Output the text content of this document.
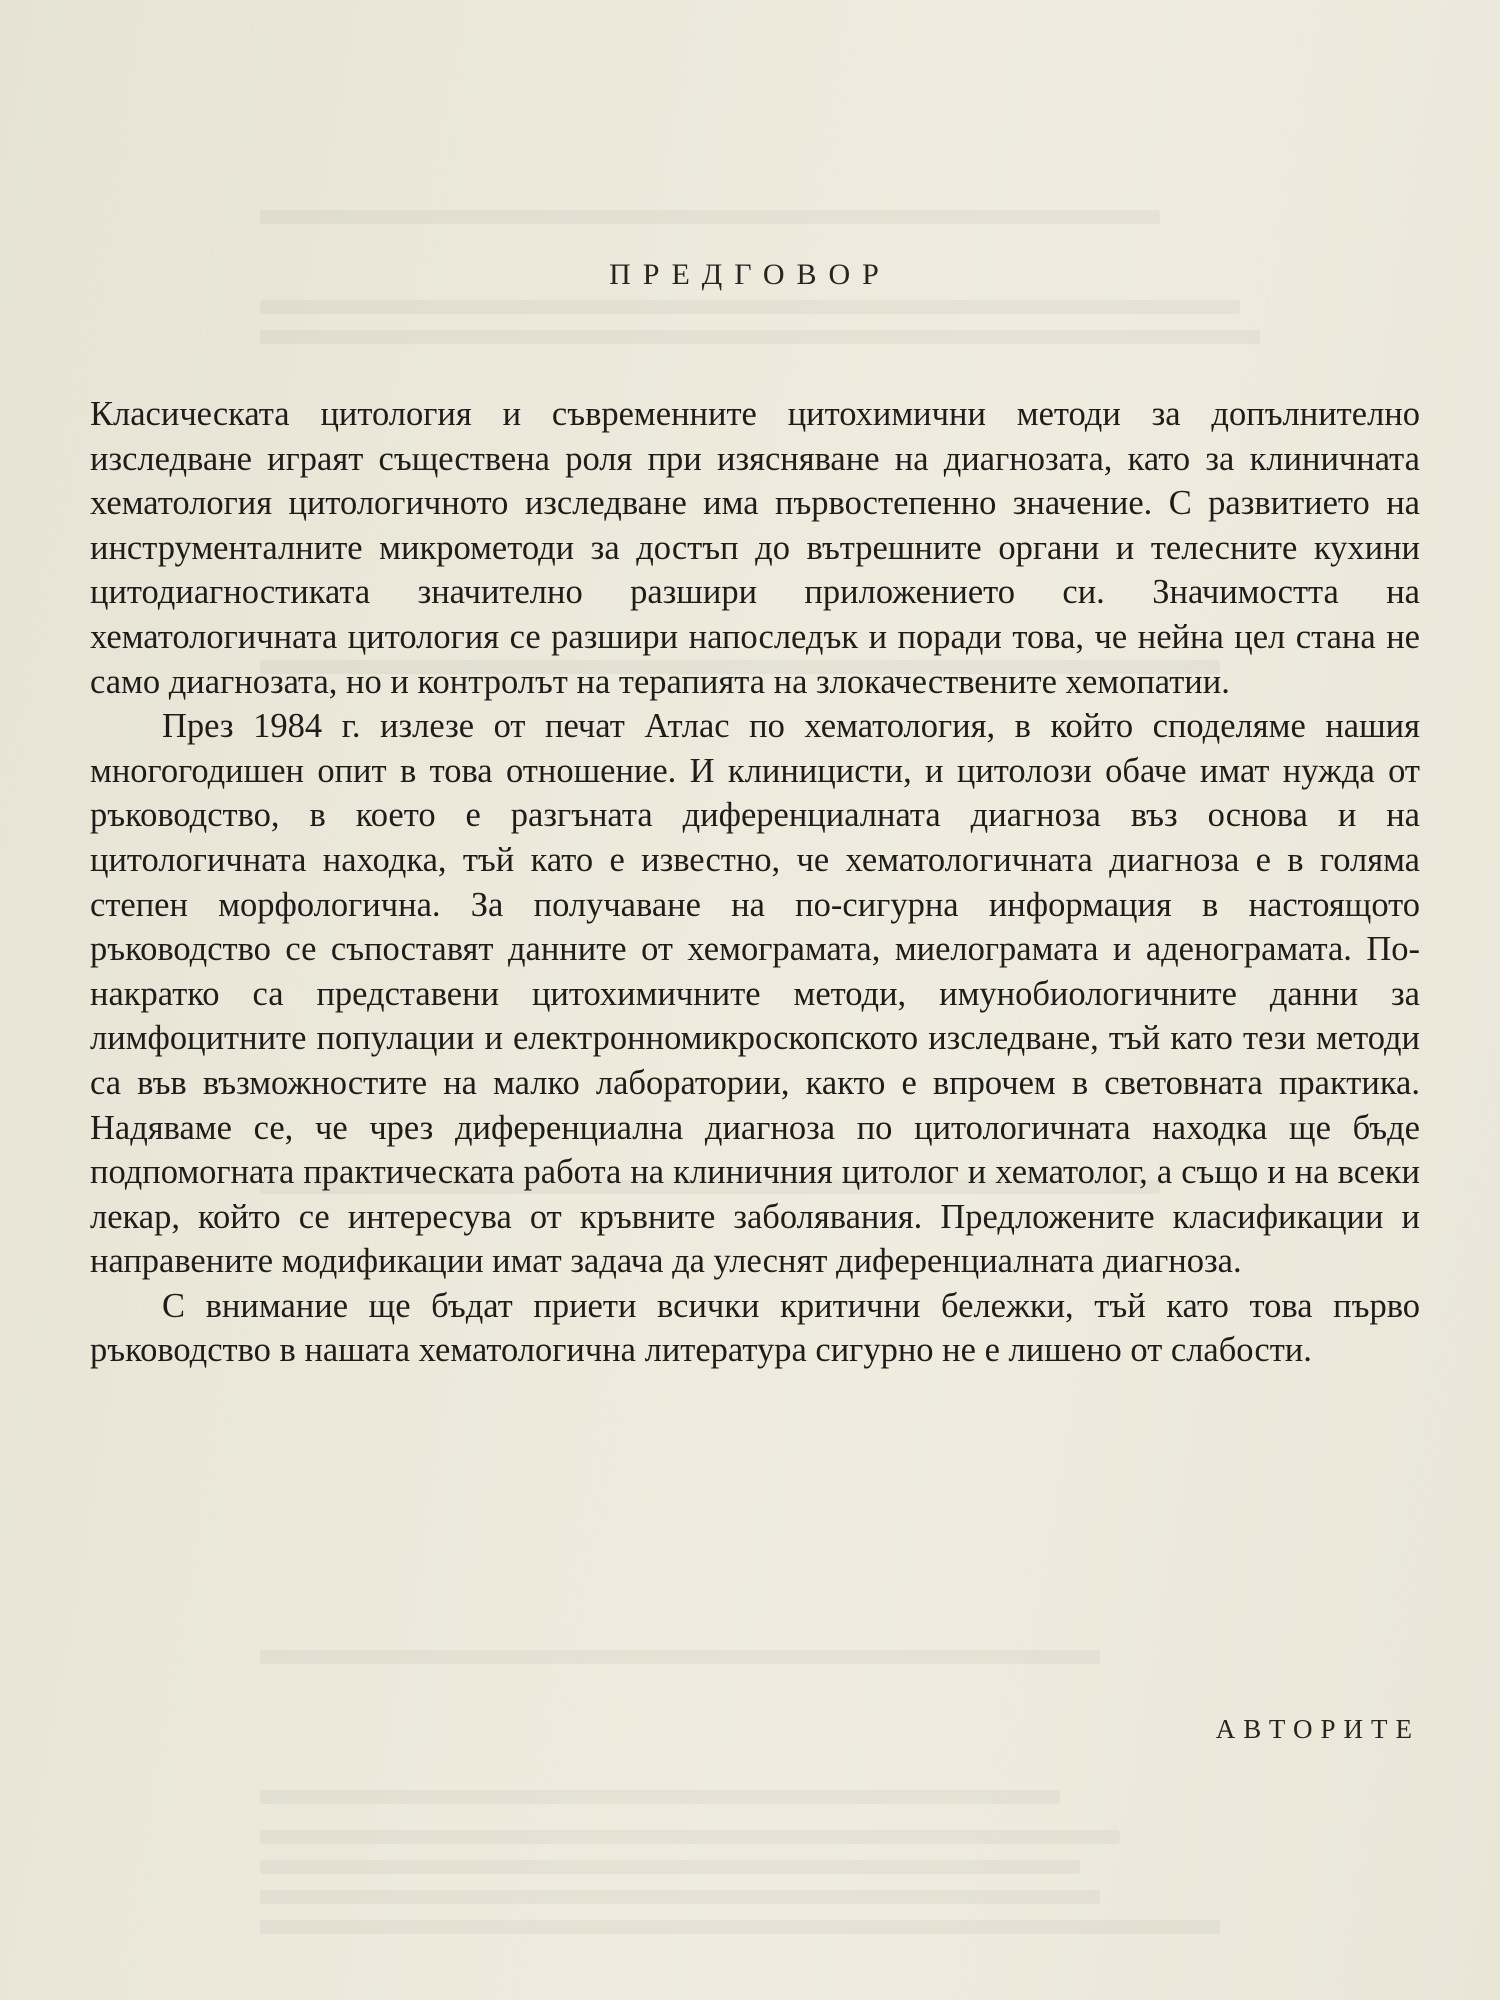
ПРЕДГОВОР

Класическата цитология и съвременните цитохимични методи за допълнително изследване играят съществена роля при изясняване на диагнозата, като за клиничната хематология цитологичното изследване има първостепенно значение. С развитието на инструменталните микрометоди за достъп до вътрешните органи и телесните кухини цитодиагностиката значително разшири приложението си. Значимостта на хематологичната цитология се разшири напоследък и поради това, че нейна цел стана не само диагнозата, но и контролът на терапията на злокачествените хемопатии.

През 1984 г. излезе от печат Атлас по хематология, в който споделяме нашия многогодишен опит в това отношение. И клиницисти, и цитолози обаче имат нужда от ръководство, в което е разгъната диференциалната диагноза въз основа и на цитологичната находка, тъй като е известно, че хематологичната диагноза е в голяма степен морфологична. За получаване на по-сигурна информация в настоящото ръководство се съпоставят данните от хемограмата, миелограмата и аденограмата. По-накратко са представени цитохимичните методи, имунобиологичните данни за лимфоцитните популации и електронномикроскопското изследване, тъй като тези методи са във възможностите на малко лаборатории, както е впрочем в световната практика. Надяваме се, че чрез диференциална диагноза по цитологичната находка ще бъде подпомогната практическата работа на клиничния цитолог и хематолог, а също и на всеки лекар, който се интересува от кръвните заболявания. Предложените класификации и направените модификации имат задача да улеснят диференциалната диагноза.

С внимание ще бъдат приети всички критични бележки, тъй като това първо ръководство в нашата хематологична литература сигурно не е лишено от слабости.

АВТОРИТЕ
